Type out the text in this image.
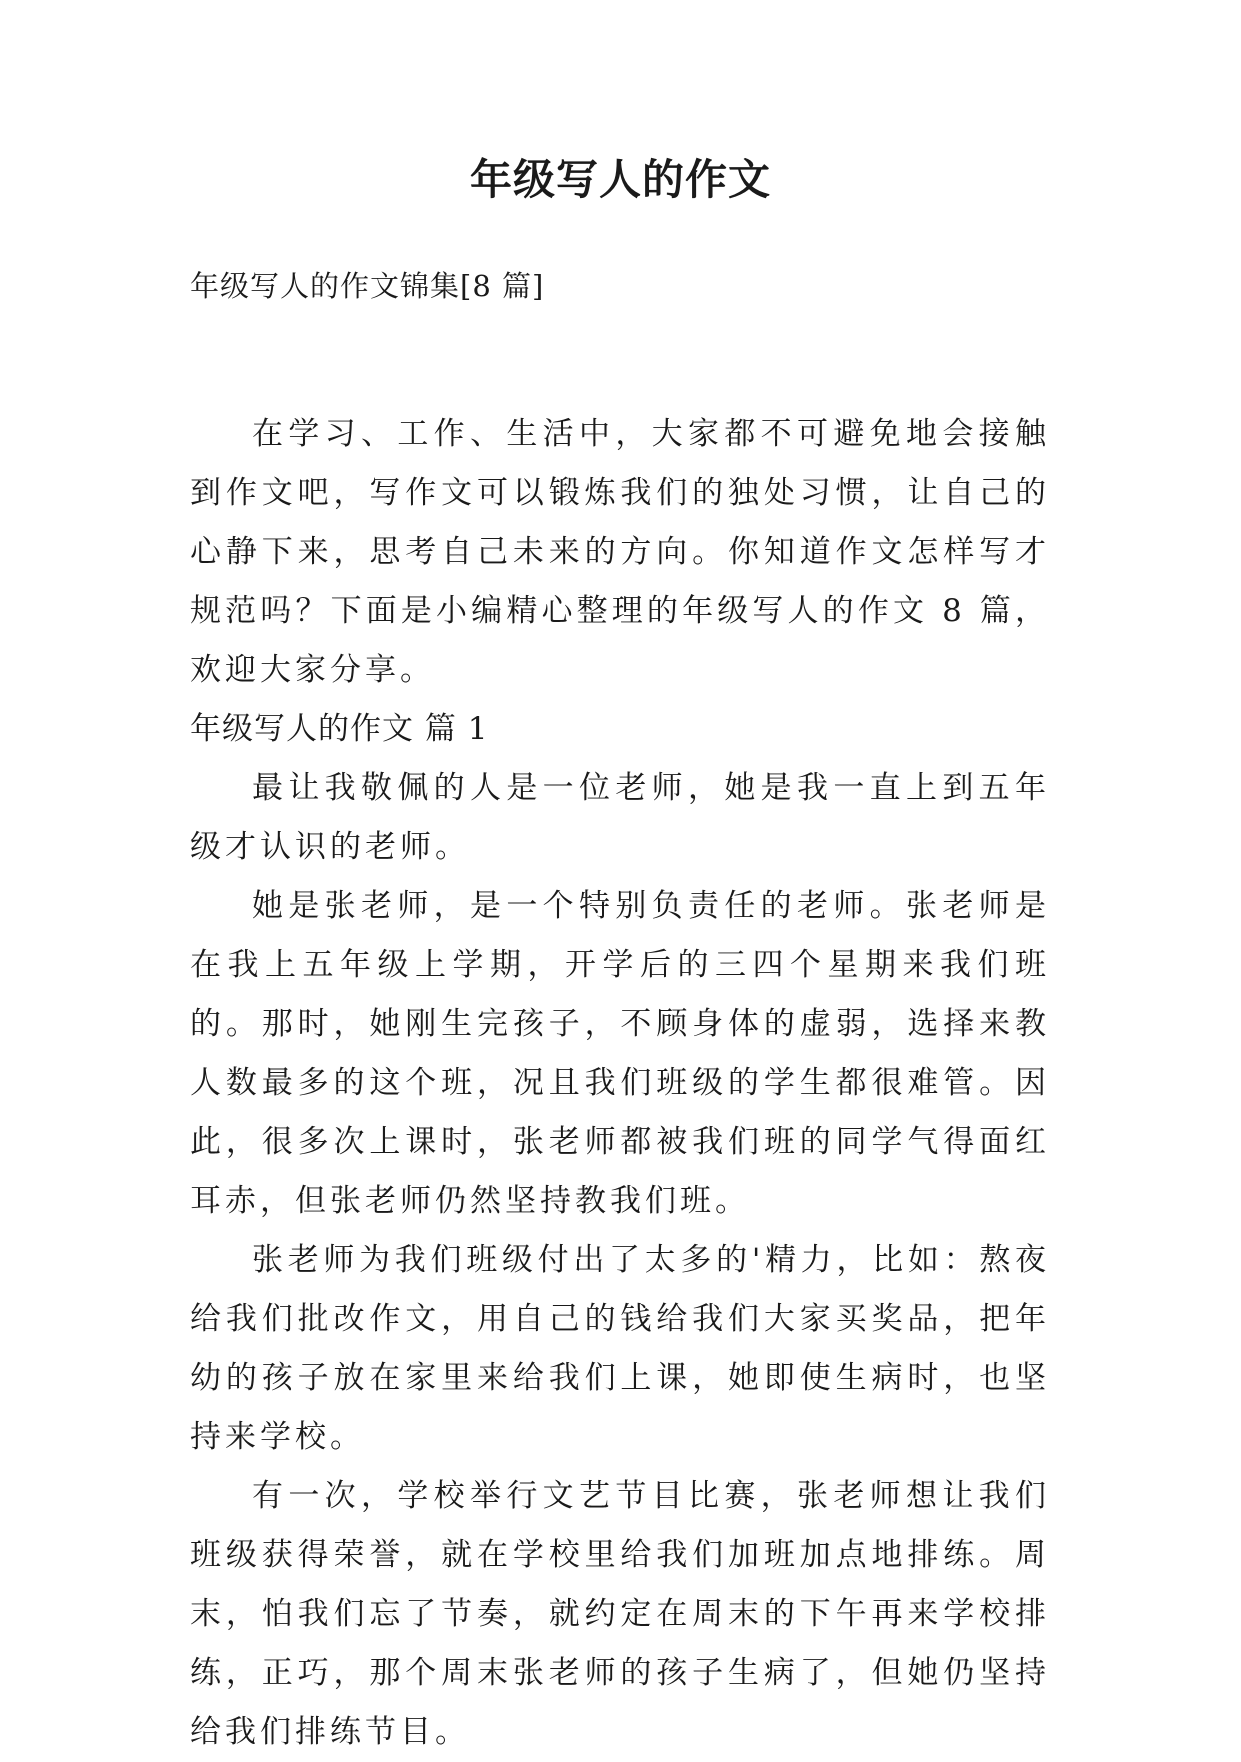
年级写人的作文

年级写人的作文锦集[8 篇]

在学习、工作、生活中，大家都不可避免地会接触到作文吧，写作文可以锻炼我们的独处习惯，让自己的心静下来，思考自己未来的方向。你知道作文怎样写才规范吗？下面是小编精心整理的年级写人的作文 8 篇，欢迎大家分享。

年级写人的作文 篇 1

最让我敬佩的人是一位老师，她是我一直上到五年级才认识的老师。

她是张老师，是一个特别负责任的老师。张老师是在我上五年级上学期，开学后的三四个星期来我们班的。那时，她刚生完孩子，不顾身体的虚弱，选择来教人数最多的这个班，况且我们班级的学生都很难管。因此，很多次上课时，张老师都被我们班的同学气得面红耳赤，但张老师仍然坚持教我们班。

张老师为我们班级付出了太多的'精力，比如：熬夜给我们批改作文，用自己的钱给我们大家买奖品，把年幼的孩子放在家里来给我们上课，她即使生病时，也坚持来学校。

有一次，学校举行文艺节目比赛，张老师想让我们班级获得荣誉，就在学校里给我们加班加点地排练。周末，怕我们忘了节奏，就约定在周末的下午再来学校排练，正巧，那个周末张老师的孩子生病了，但她仍坚持给我们排练节目。
